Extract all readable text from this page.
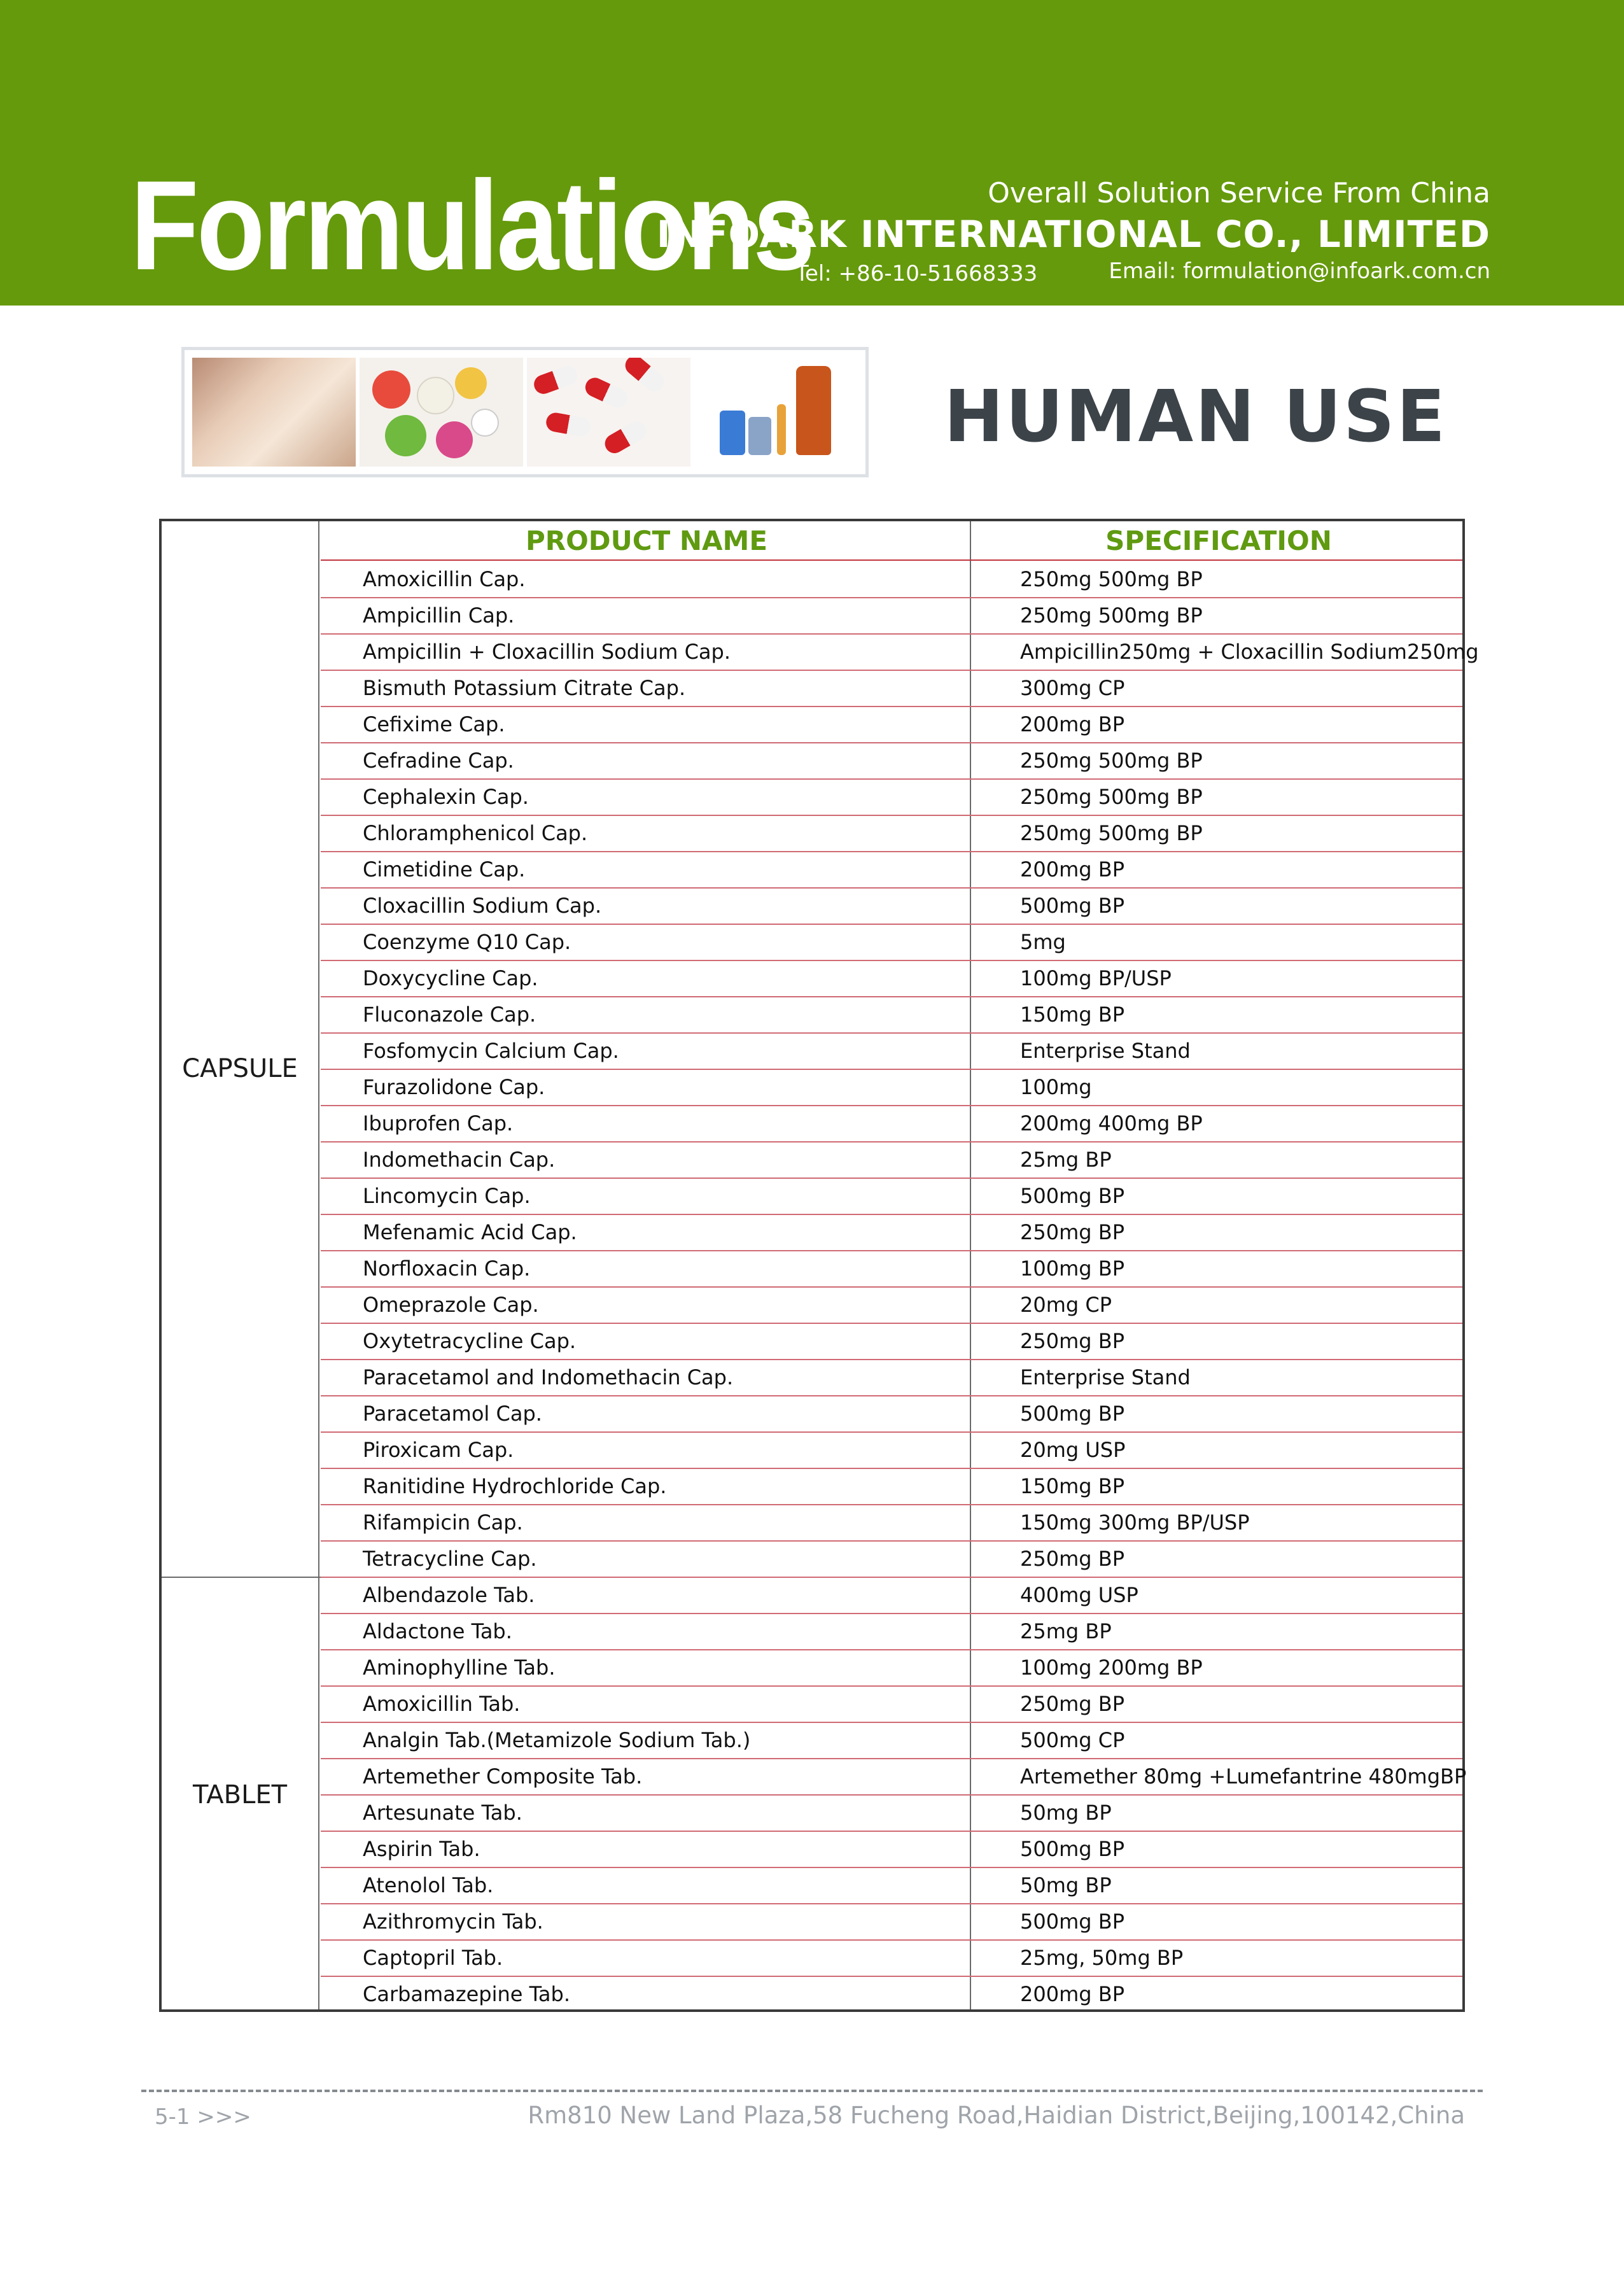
Formulations	Overall Solution Service From China
INFOARK INTERNATIONAL CO., LIMITED
Tel: +86-10-51668333	Email: formulation@infoark.com.cn
HUMAN USE
PRODUCT NAME	SPECIFICATION
CAPSULE
TABLET
Amoxicillin Cap.	250mg 500mg BP
Ampicillin Cap.	250mg 500mg BP
Ampicillin + Cloxacillin Sodium Cap.	Ampicillin250mg + Cloxacillin Sodium250mg
Bismuth Potassium Citrate Cap.	300mg CP
Cefixime Cap.	200mg BP
Cefradine Cap.	250mg 500mg BP
Cephalexin Cap.	250mg 500mg BP
Chloramphenicol Cap.	250mg 500mg BP
Cimetidine Cap.	200mg BP
Cloxacillin Sodium Cap.	500mg BP
Coenzyme Q10 Cap.	5mg
Doxycycline Cap.	100mg BP/USP
Fluconazole Cap.	150mg BP
Fosfomycin Calcium Cap.	Enterprise Stand
Furazolidone Cap.	100mg
Ibuprofen Cap.	200mg 400mg BP
Indomethacin Cap.	25mg BP
Lincomycin Cap.	500mg BP
Mefenamic Acid Cap.	250mg BP
Norfloxacin Cap.	100mg BP
Omeprazole Cap.	20mg CP
Oxytetracycline Cap.	250mg BP
Paracetamol and Indomethacin Cap.	Enterprise Stand
Paracetamol Cap.	500mg BP
Piroxicam Cap.	20mg USP
Ranitidine Hydrochloride Cap.	150mg BP
Rifampicin Cap.	150mg 300mg BP/USP
Tetracycline Cap.	250mg BP
Albendazole Tab.	400mg USP
Aldactone Tab.	25mg BP
Aminophylline Tab.	100mg 200mg BP
Amoxicillin Tab.	250mg BP
Analgin Tab.(Metamizole Sodium Tab.)	500mg CP
Artemether Composite Tab.	Artemether 80mg +Lumefantrine 480mgBP
Artesunate Tab.	50mg BP
Aspirin Tab.	500mg BP
Atenolol Tab.	50mg BP
Azithromycin Tab.	500mg BP
Captopril Tab.	25mg, 50mg BP
Carbamazepine Tab.	200mg BP
5-1 >>>	Rm810 New Land Plaza,58 Fucheng Road,Haidian District,Beijing,100142,China
